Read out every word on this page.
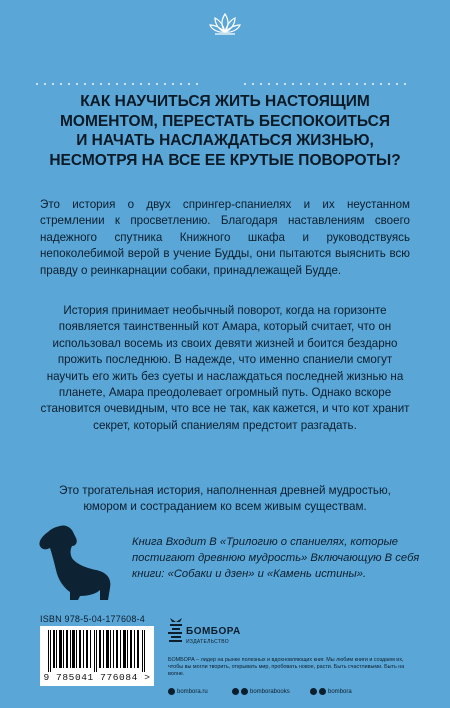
КАК НАУЧИТЬСЯ ЖИТЬ НАСТОЯЩИМ
МОМЕНТОМ, ПЕРЕСТАТЬ БЕСПОКОИТЬСЯ
И НАЧАТЬ НАСЛАЖДАТЬСЯ ЖИЗНЬЮ,
НЕСМОТРЯ НА ВСЕ ЕЕ КРУТЫЕ ПОВОРОТЫ?

Это история о двух спрингер-спаниелях и их неустанном стремлении к просветлению. Благодаря наставлениям своего надежного спутника Книжного шкафа и руководствуясь непоколебимой верой в учение Будды, они пытаются выяснить всю правду о реинкарнации собаки, принадлежащей Будде.

История принимает необычный поворот, когда на горизонте появляется таинственный кот Амара, который считает, что он использовал восемь из своих девяти жизней и боится бездарно прожить последнюю. В надежде, что именно спаниели смогут научить его жить без суеты и наслаждаться последней жизнью на планете, Амара преодолевает огромный путь. Однако вскоре становится очевидным, что все не так, как кажется, и что кот хранит секрет, который спаниелям предстоит разгадать.

Это трогательная история, наполненная древней мудростью, юмором и состраданием ко всем живым существам.

Книга Входит В «Трилогию о спаниелях, которые постигают древнюю мудрость» Включающую В себя книги: «Собаки и дзен» и «Камень истины».

ISBN 978-5-04-177608-4
9 785041 776084 >
БОМБОРА
ИЗДАТЕЛЬСТВО

БОМБОРА – лидер на рынке полезных и вдохновляющих книг. Мы любим книги и создаем их, чтобы вы могли творить, открывать мир, пробовать новое, расти. Быть счастливыми. Быть на волне.

bombora.ru	bomborabooks	bombora
